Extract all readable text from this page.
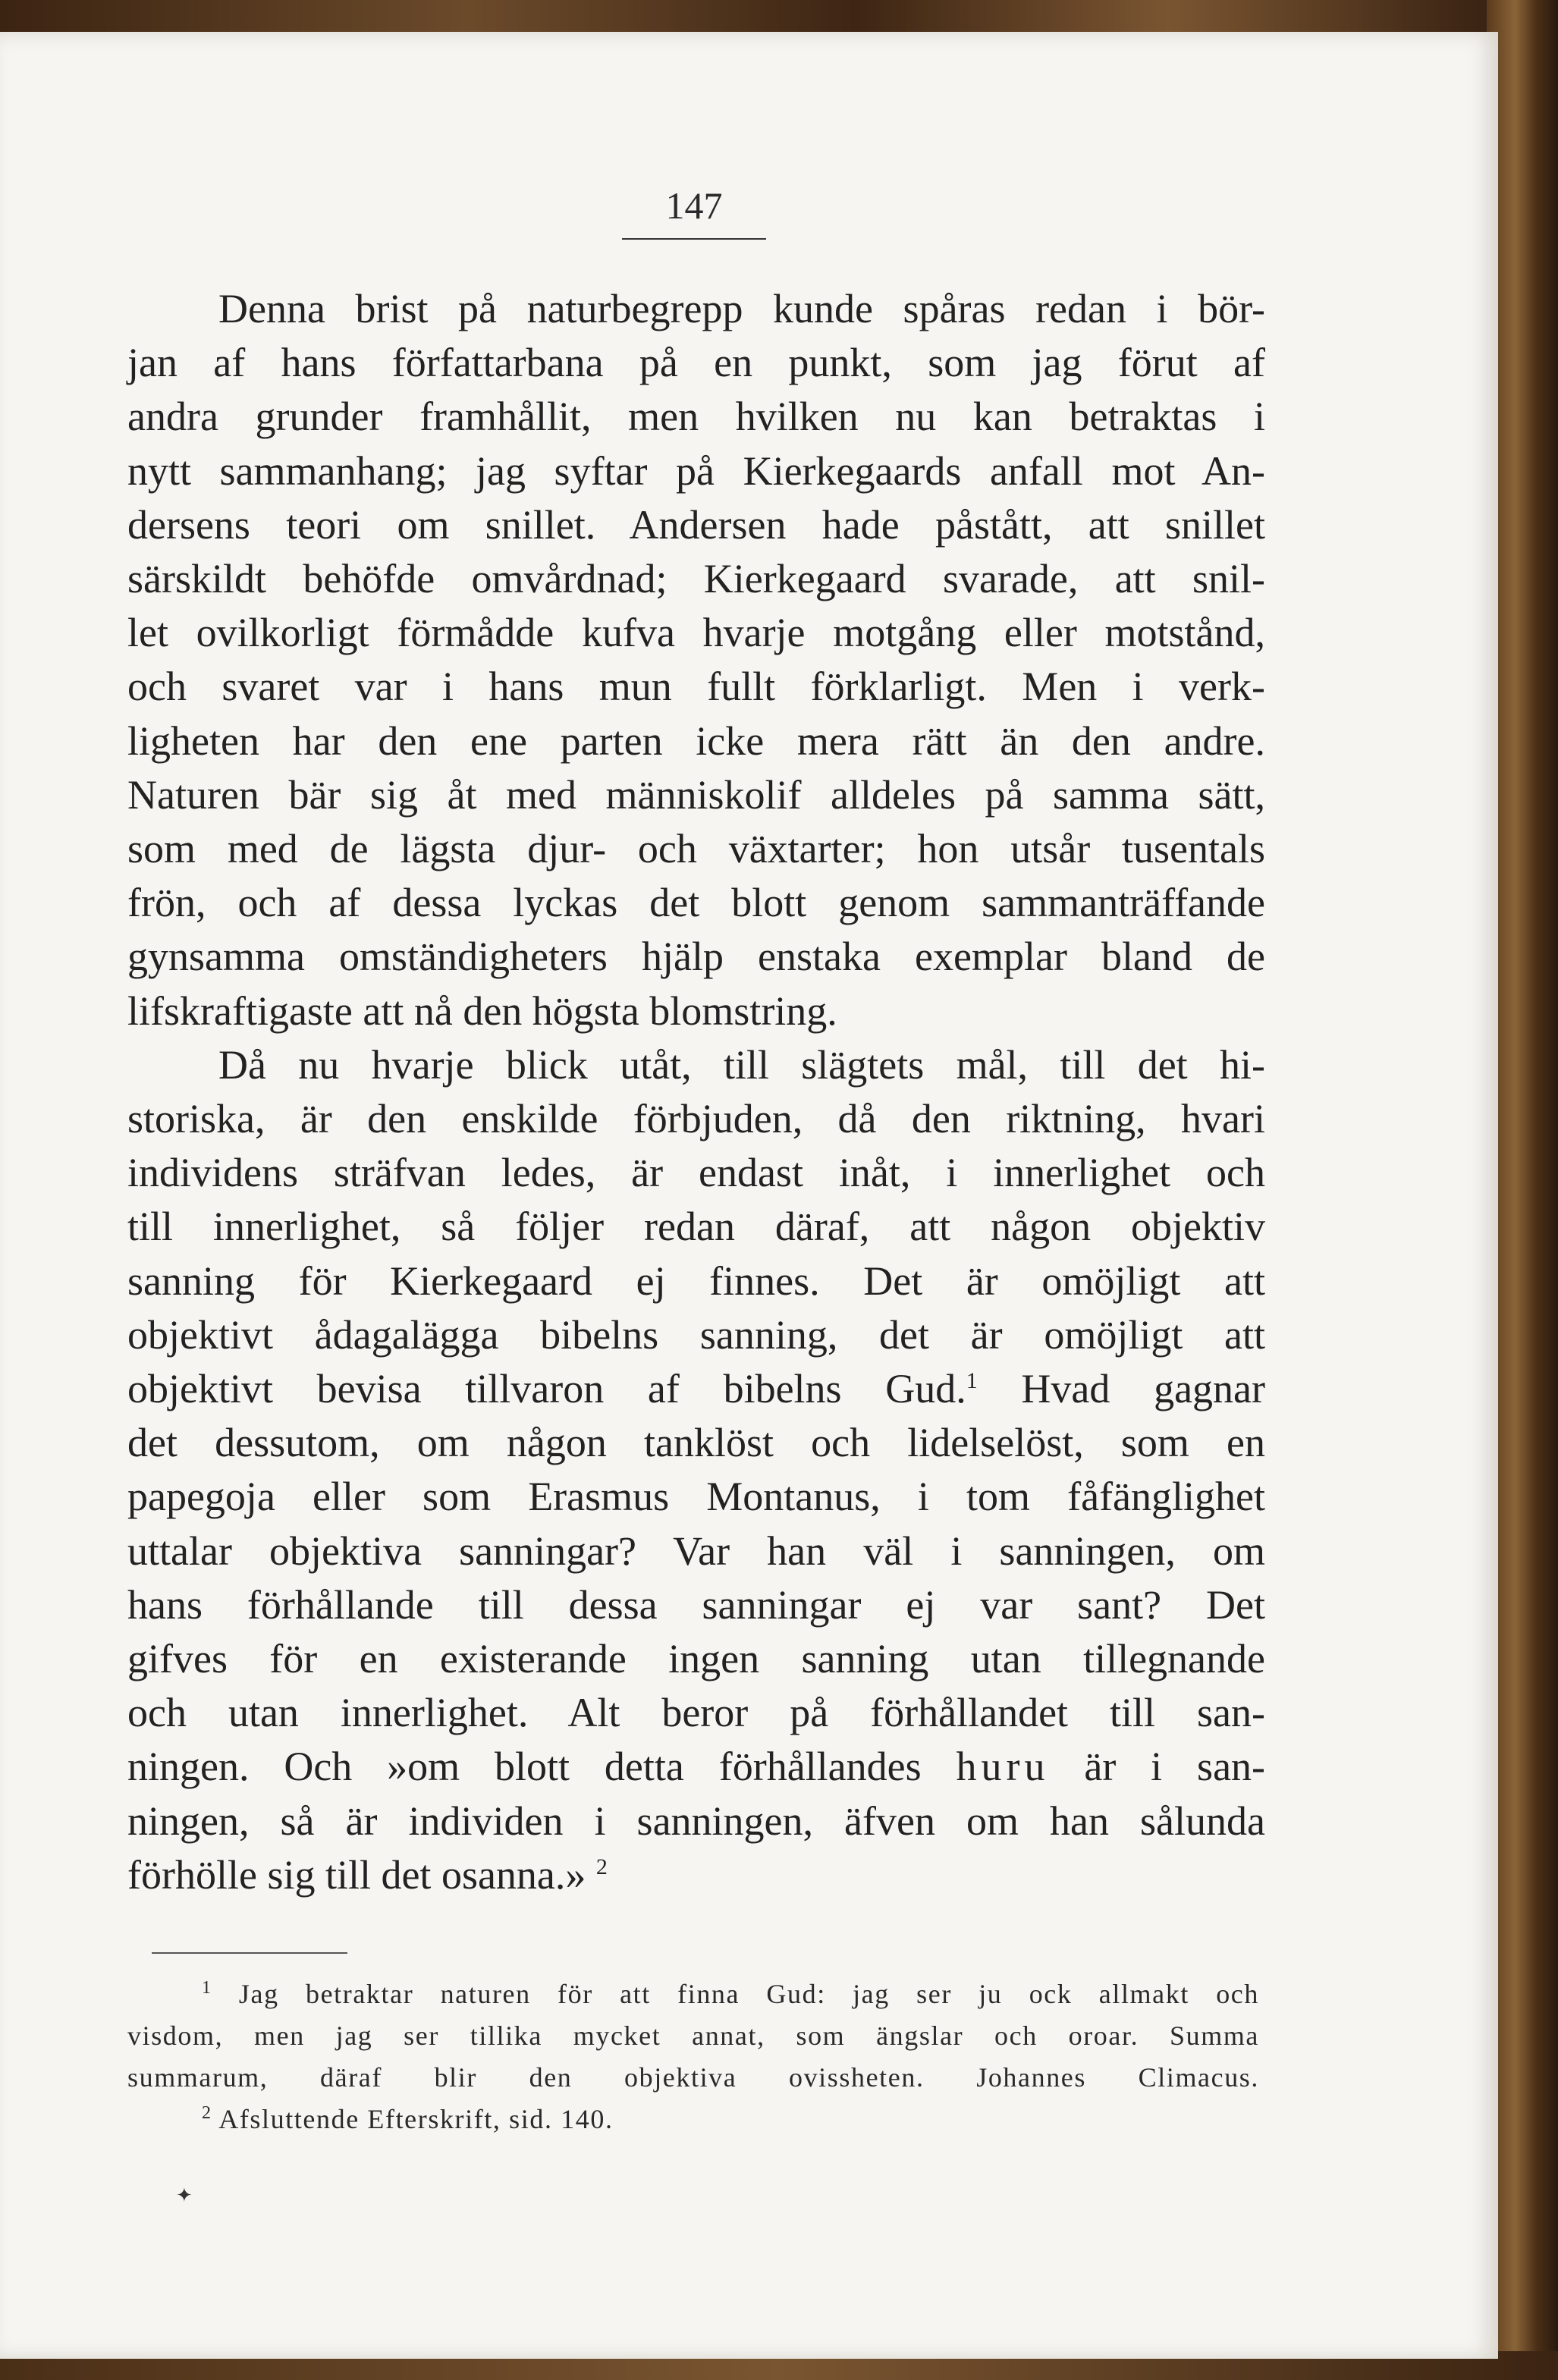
147
Denna brist på naturbegrepp kunde spåras redan i bör-
jan af hans författarbana på en punkt, som jag förut af
andra grunder framhållit, men hvilken nu kan betraktas i
nytt sammanhang; jag syftar på Kierkegaards anfall mot An-
dersens teori om snillet. Andersen hade påstått, att snillet
särskildt behöfde omvårdnad; Kierkegaard svarade, att snil-
let ovilkorligt förmådde kufva hvarje motgång eller motstånd,
och svaret var i hans mun fullt förklarligt. Men i verk-
ligheten har den ene parten icke mera rätt än den andre.
Naturen bär sig åt med människolif alldeles på samma sätt,
som med de lägsta djur- och växtarter; hon utsår tusentals
frön, och af dessa lyckas det blott genom sammanträffande
gynsamma omständigheters hjälp enstaka exemplar bland de
lifskraftigaste att nå den högsta blomstring.
Då nu hvarje blick utåt, till slägtets mål, till det hi-
storiska, är den enskilde förbjuden, då den riktning, hvari
individens sträfvan ledes, är endast inåt, i innerlighet och
till innerlighet, så följer redan däraf, att någon objektiv
sanning för Kierkegaard ej finnes. Det är omöjligt att
objektivt ådagalägga bibelns sanning, det är omöjligt att
objektivt bevisa tillvaron af bibelns Gud.$^1$ Hvad gagnar
det dessutom, om någon tanklöst och lidelselöst, som en
papegoja eller som Erasmus Montanus, i tom fåfänglighet
uttalar objektiva sanningar? Var han väl i sanningen, om
hans förhållande till dessa sanningar ej var sant? Det
gifves för en existerande ingen sanning utan tillegnande
och utan innerlighet. Alt beror på förhållandet till san-
ningen. Och »om blott detta förhållandes huru är i san-
ningen, så är individen i sanningen, äfven om han sålunda
förhölle sig till det osanna.» $^2$
$^1$ Jag betraktar naturen för att finna Gud: jag ser ju ock allmakt och
visdom, men jag ser tillika mycket annat, som ängslar och oroar. Summa
summarum, däraf blir den objektiva ovissheten. Johannes Climacus.
$^2$ Afsluttende Efterskrift, sid. 140.
✦
